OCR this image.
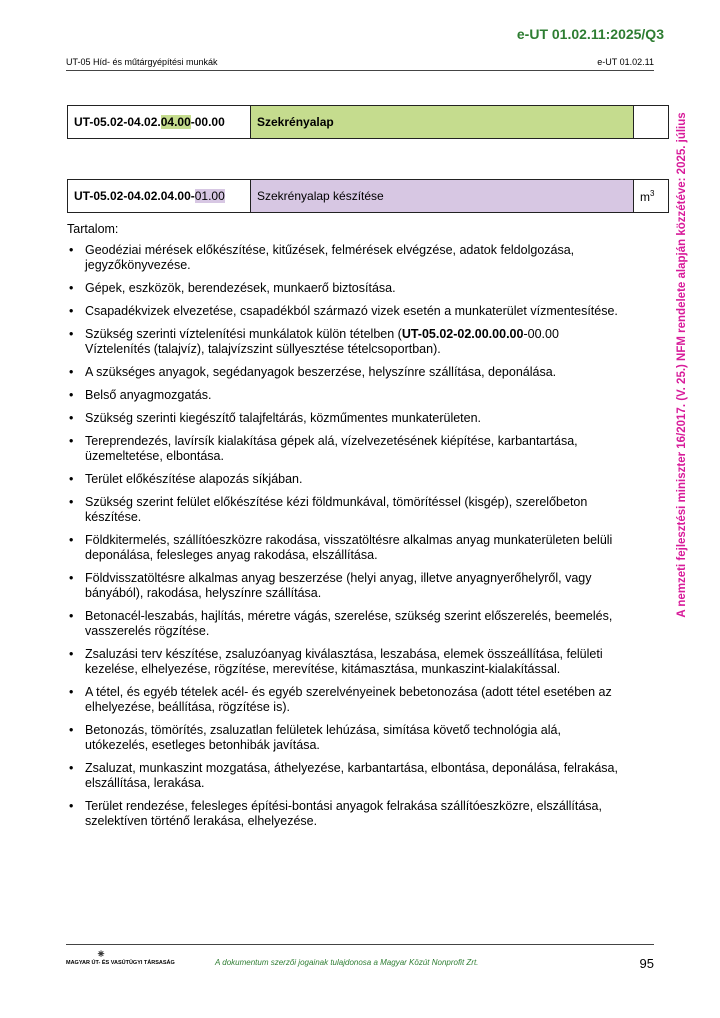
e-UT 01.02.11:2025/Q3
UT-05 Híd- és műtárgyépítési munkák	e-UT 01.02.11
A nemzeti fejlesztési miniszter 16/2017. (V. 25.) NFM rendelete alapján közzétéve: 2025. július
UT-05.02-04.02.04.00-00.00	Szekrényalap	
UT-05.02-04.02.04.00-01.00	Szekrényalap készítése	$m^3$
Tartalom:
• Geodéziai mérések előkészítése, kitűzések, felmérések elvégzése, adatok feldolgozása, jegyzőkönyvezése.
• Gépek, eszközök, berendezések, munkaerő biztosítása.
• Csapadékvizek elvezetése, csapadékból származó vizek esetén a munkaterület vízmentesítése.
• Szükség szerinti víztelenítési munkálatok külön tételben (UT-05.02-02.00.00.00-00.00 Víztelenítés (talajvíz), talajvízszint süllyesztése tételcsoportban).
• A szükséges anyagok, segédanyagok beszerzése, helyszínre szállítása, deponálása.
• Belső anyagmozgatás.
• Szükség szerinti kiegészítő talajfeltárás, közműmentes munkaterületen.
• Tereprendezés, lavírsík kialakítása gépek alá, vízelvezetésének kiépítése, karbantartása, üzemeltetése, elbontása.
• Terület előkészítése alapozás síkjában.
• Szükség szerint felület előkészítése kézi földmunkával, tömörítéssel (kisgép), szerelőbeton készítése.
• Földkitermelés, szállítóeszközre rakodása, visszatöltésre alkalmas anyag munkaterületen belüli deponálása, felesleges anyag rakodása, elszállítása.
• Földvisszatöltésre alkalmas anyag beszerzése (helyi anyag, illetve anyagnyerőhelyről, vagy bányából), rakodása, helyszínre szállítása.
• Betonacél-leszabás, hajlítás, méretre vágás, szerelése, szükség szerint előszerelés, beemelés, vasszerelés rögzítése.
• Zsaluzási terv készítése, zsaluzóanyag kiválasztása, leszabása, elemek összeállítása, felületi kezelése, elhelyezése, rögzítése, merevítése, kitámasztása, munkaszint-kialakítással.
• A tétel, és egyéb tételek acél- és egyéb szerelvényeinek bebetonozása (adott tétel esetében az elhelyezése, beállítása, rögzítése is).
• Betonozás, tömörítés, zsaluzatlan felületek lehúzása, simítása követő technológia alá, utókezelés, esetleges betonhibák javítása.
• Zsaluzat, munkaszint mozgatása, áthelyezése, karbantartása, elbontása, deponálása, felrakása, elszállítása, lerakása.
• Terület rendezése, felesleges építési-bontási anyagok felrakása szállítóeszközre, elszállítása, szelektíven történő lerakása, elhelyezése.
⁕
MAGYAR ÚT- ÉS VASÚTÜGYI TÁRSASÁG	A dokumentum szerzői jogainak tulajdonosa a Magyar Közút Nonprofit Zrt.	95
